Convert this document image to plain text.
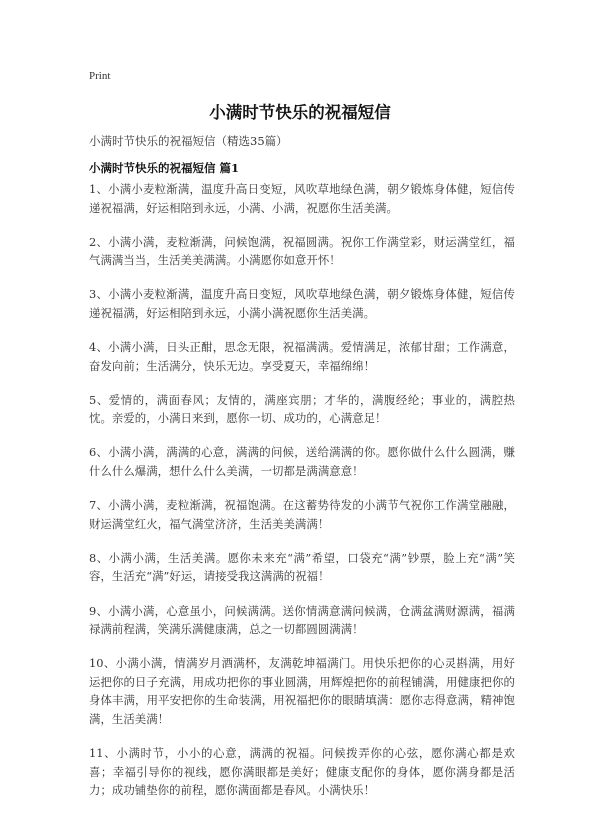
Print
小满时节快乐的祝福短信
小满时节快乐的祝福短信（精选35篇）
小满时节快乐的祝福短信 篇1

1、小满小麦粒渐满，温度升高日变短，风吹草地绿色满，朝夕锻炼身体健，短信传递祝福满，好运相陪到永远，小满、小满，祝愿你生活美满。

2、小满小满，麦粒渐满，问候饱满，祝福圆满。祝你工作满堂彩，财运满堂红，福气满满当当，生活美美满满。小满愿你如意开怀！

3、小满小麦粒渐满，温度升高日变短，风吹草地绿色满，朝夕锻炼身体健，短信传递祝福满，好运相陪到永远，小满小满祝愿你生活美满。

4、小满小满，日头正酣，思念无限，祝福满满。爱情满足，浓郁甘甜；工作满意，奋发向前；生活满分，快乐无边。享受夏天，幸福绵绵！

5、爱情的，满面春风；友情的，满座宾朋；才华的，满腹经纶；事业的，满腔热忱。亲爱的，小满日来到，愿你一切、成功的，心满意足！

6、小满小满，满满的心意，满满的问候，送给满满的你。愿你做什么什么圆满，赚什么什么爆满，想什么什么美满，一切都是满满意意！

7、小满小满，麦粒渐满，祝福饱满。在这蓄势待发的小满节气祝你工作满堂融融，财运满堂红火，福气满堂济济，生活美美满满！

8、小满小满，生活美满。愿你未来充“满”希望，口袋充“满”钞票，脸上充“满”笑容，生活充“满”好运，请接受我这满满的祝福！

9、小满小满，心意虽小，问候满满。送你情满意满问候满，仓满盆满财源满，福满禄满前程满，笑满乐满健康满，总之一切都圆圆满满！

10、小满小满，情满岁月酒满杯，友满乾坤福满门。用快乐把你的心灵斟满，用好运把你的日子充满，用成功把你的事业圆满，用辉煌把你的前程铺满，用健康把你的身体丰满，用平安把你的生命装满，用祝福把你的眼睛填满：愿你志得意满，精神饱满，生活美满！

11、小满时节，小小的心意，满满的祝福。问候拨弄你的心弦，愿你满心都是欢喜；幸福引导你的视线，愿你满眼都是美好；健康支配你的身体，愿你满身都是活力；成功铺垫你的前程，愿你满面都是春风。小满快乐！
